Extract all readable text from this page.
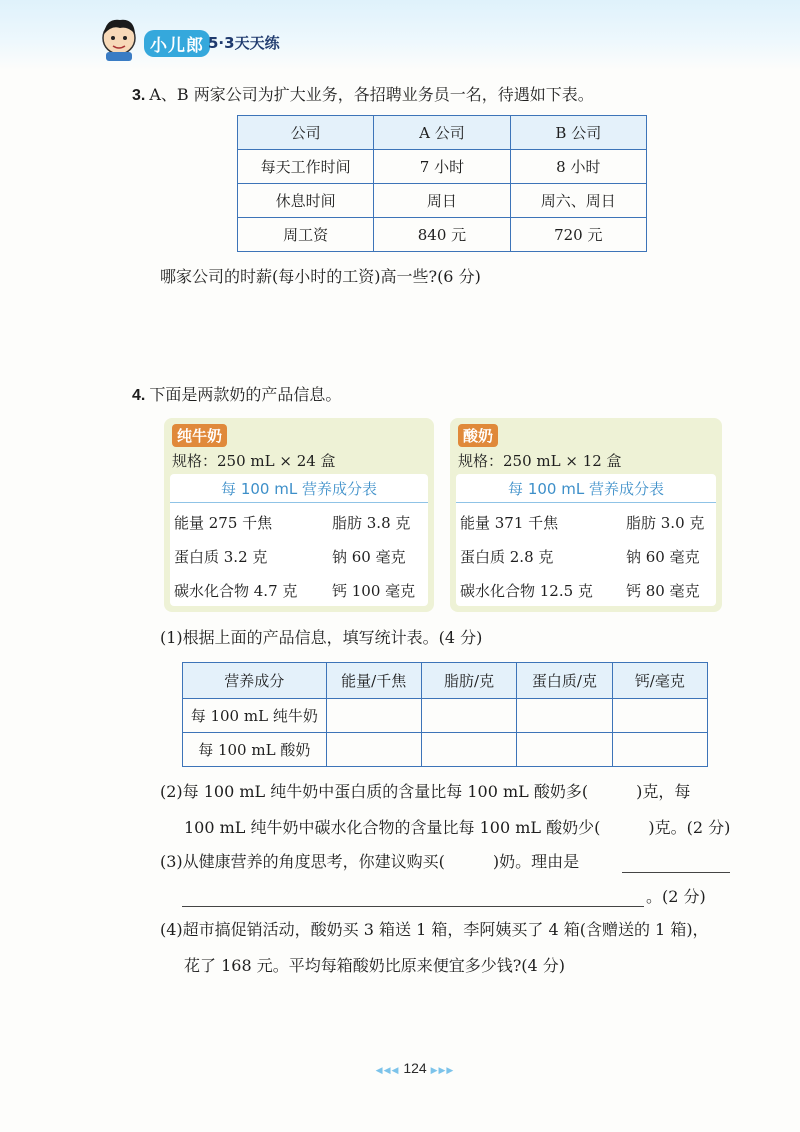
小儿郎 5·3天天练
3. A、B 两家公司为扩大业务，各招聘业务员一名，待遇如下表。
公司	A 公司	B 公司
每天工作时间	7 小时	8 小时
休息时间	周日	周六、周日
周工资	840 元	720 元
哪家公司的时薪(每小时的工资)高一些?(6 分)
4. 下面是两款奶的产品信息。
纯牛奶
规格：250 mL × 24 盒
每 100 mL 营养成分表
能量 275 千焦	脂肪 3.8 克
蛋白质 3.2 克	钠 60 毫克
碳水化合物 4.7 克 钙 100 毫克
酸奶
规格：250 mL × 12 盒
每 100 mL 营养成分表
能量 371 千焦	脂肪 3.0 克
蛋白质 2.8 克	钠 60 毫克
碳水化合物 12.5 克 钙 80 毫克
(1)根据上面的产品信息，填写统计表。(4 分)
营养成分	能量/千焦	脂肪/克	蛋白质/克	钙/毫克
每 100 mL 纯牛奶				
每 100 mL 酸奶				
(2)每 100 mL 纯牛奶中蛋白质的含量比每 100 mL 酸奶多(	)克，每
100 mL 纯牛奶中碳水化合物的含量比每 100 mL 酸奶少(	)克。(2 分)
(3)从健康营养的角度思考，你建议购买(	)奶。理由是
。(2 分)
(4)超市搞促销活动，酸奶买 3 箱送 1 箱，李阿姨买了 4 箱(含赠送的 1 箱)，
花了 168 元。平均每箱酸奶比原来便宜多少钱?(4 分)
◀◀◀ 124 ▶▶▶
